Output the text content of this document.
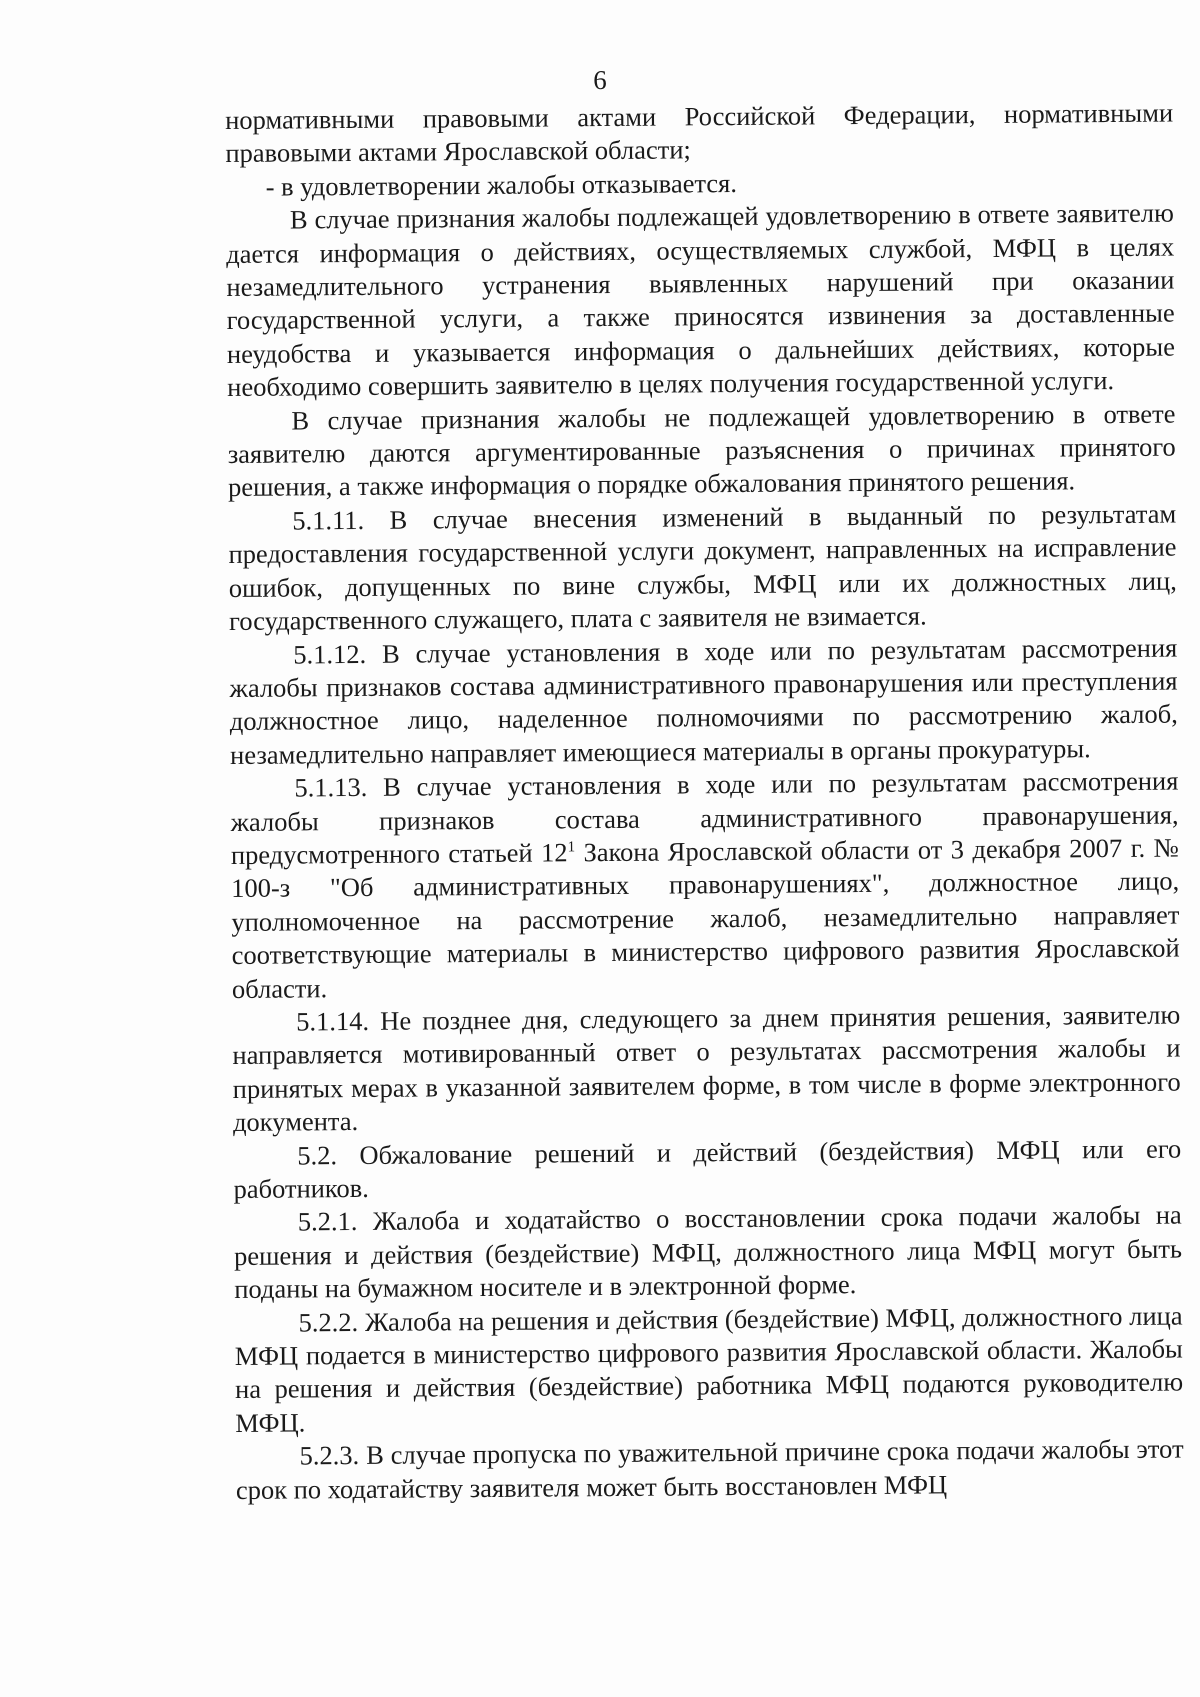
6

нормативными правовыми актами Российской Федерации, нормативными правовыми актами Ярославской области;

- в удовлетворении жалобы отказывается.

В случае признания жалобы подлежащей удовлетворению в ответе заявителю дается информация о действиях, осуществляемых службой, МФЦ в целях незамедлительного устранения выявленных нарушений при оказании государственной услуги, а также приносятся извинения за доставленные неудобства и указывается информация о дальнейших действиях, которые необходимо совершить заявителю в целях получения государственной услуги.

В случае признания жалобы не подлежащей удовлетворению в ответе заявителю даются аргументированные разъяснения о причинах принятого решения, а также информация о порядке обжалования принятого решения.

5.1.11. В случае внесения изменений в выданный по результатам предоставления государственной услуги документ, направленных на исправление ошибок, допущенных по вине службы, МФЦ или их должностных лиц, государственного служащего, плата с заявителя не взимается.

5.1.12. В случае установления в ходе или по результатам рассмотрения жалобы признаков состава административного правонарушения или преступления должностное лицо, наделенное полномочиями по рассмотрению жалоб, незамедлительно направляет имеющиеся материалы в органы прокуратуры.

5.1.13. В случае установления в ходе или по результатам рассмотрения жалобы признаков состава административного правонарушения, предусмотренного статьей $12^1$ Закона Ярославской области от 3 декабря 2007 г. № 100-з "Об административных правонарушениях", должностное лицо, уполномоченное на рассмотрение жалоб, незамедлительно направляет соответствующие материалы в министерство цифрового развития Ярославской области.

5.1.14. Не позднее дня, следующего за днем принятия решения, заявителю направляется мотивированный ответ о результатах рассмотрения жалобы и принятых мерах в указанной заявителем форме, в том числе в форме электронного документа.

5.2. Обжалование решений и действий (бездействия) МФЦ или его работников.

5.2.1. Жалоба и ходатайство о восстановлении срока подачи жалобы на решения и действия (бездействие) МФЦ, должностного лица МФЦ могут быть поданы на бумажном носителе и в электронной форме.

5.2.2. Жалоба на решения и действия (бездействие) МФЦ, должностного лица МФЦ подается в министерство цифрового развития Ярославской области. Жалобы на решения и действия (бездействие) работника МФЦ подаются руководителю МФЦ.

5.2.3. В случае пропуска по уважительной причине срока подачи жалобы этот срок по ходатайству заявителя может быть восстановлен МФЦ
